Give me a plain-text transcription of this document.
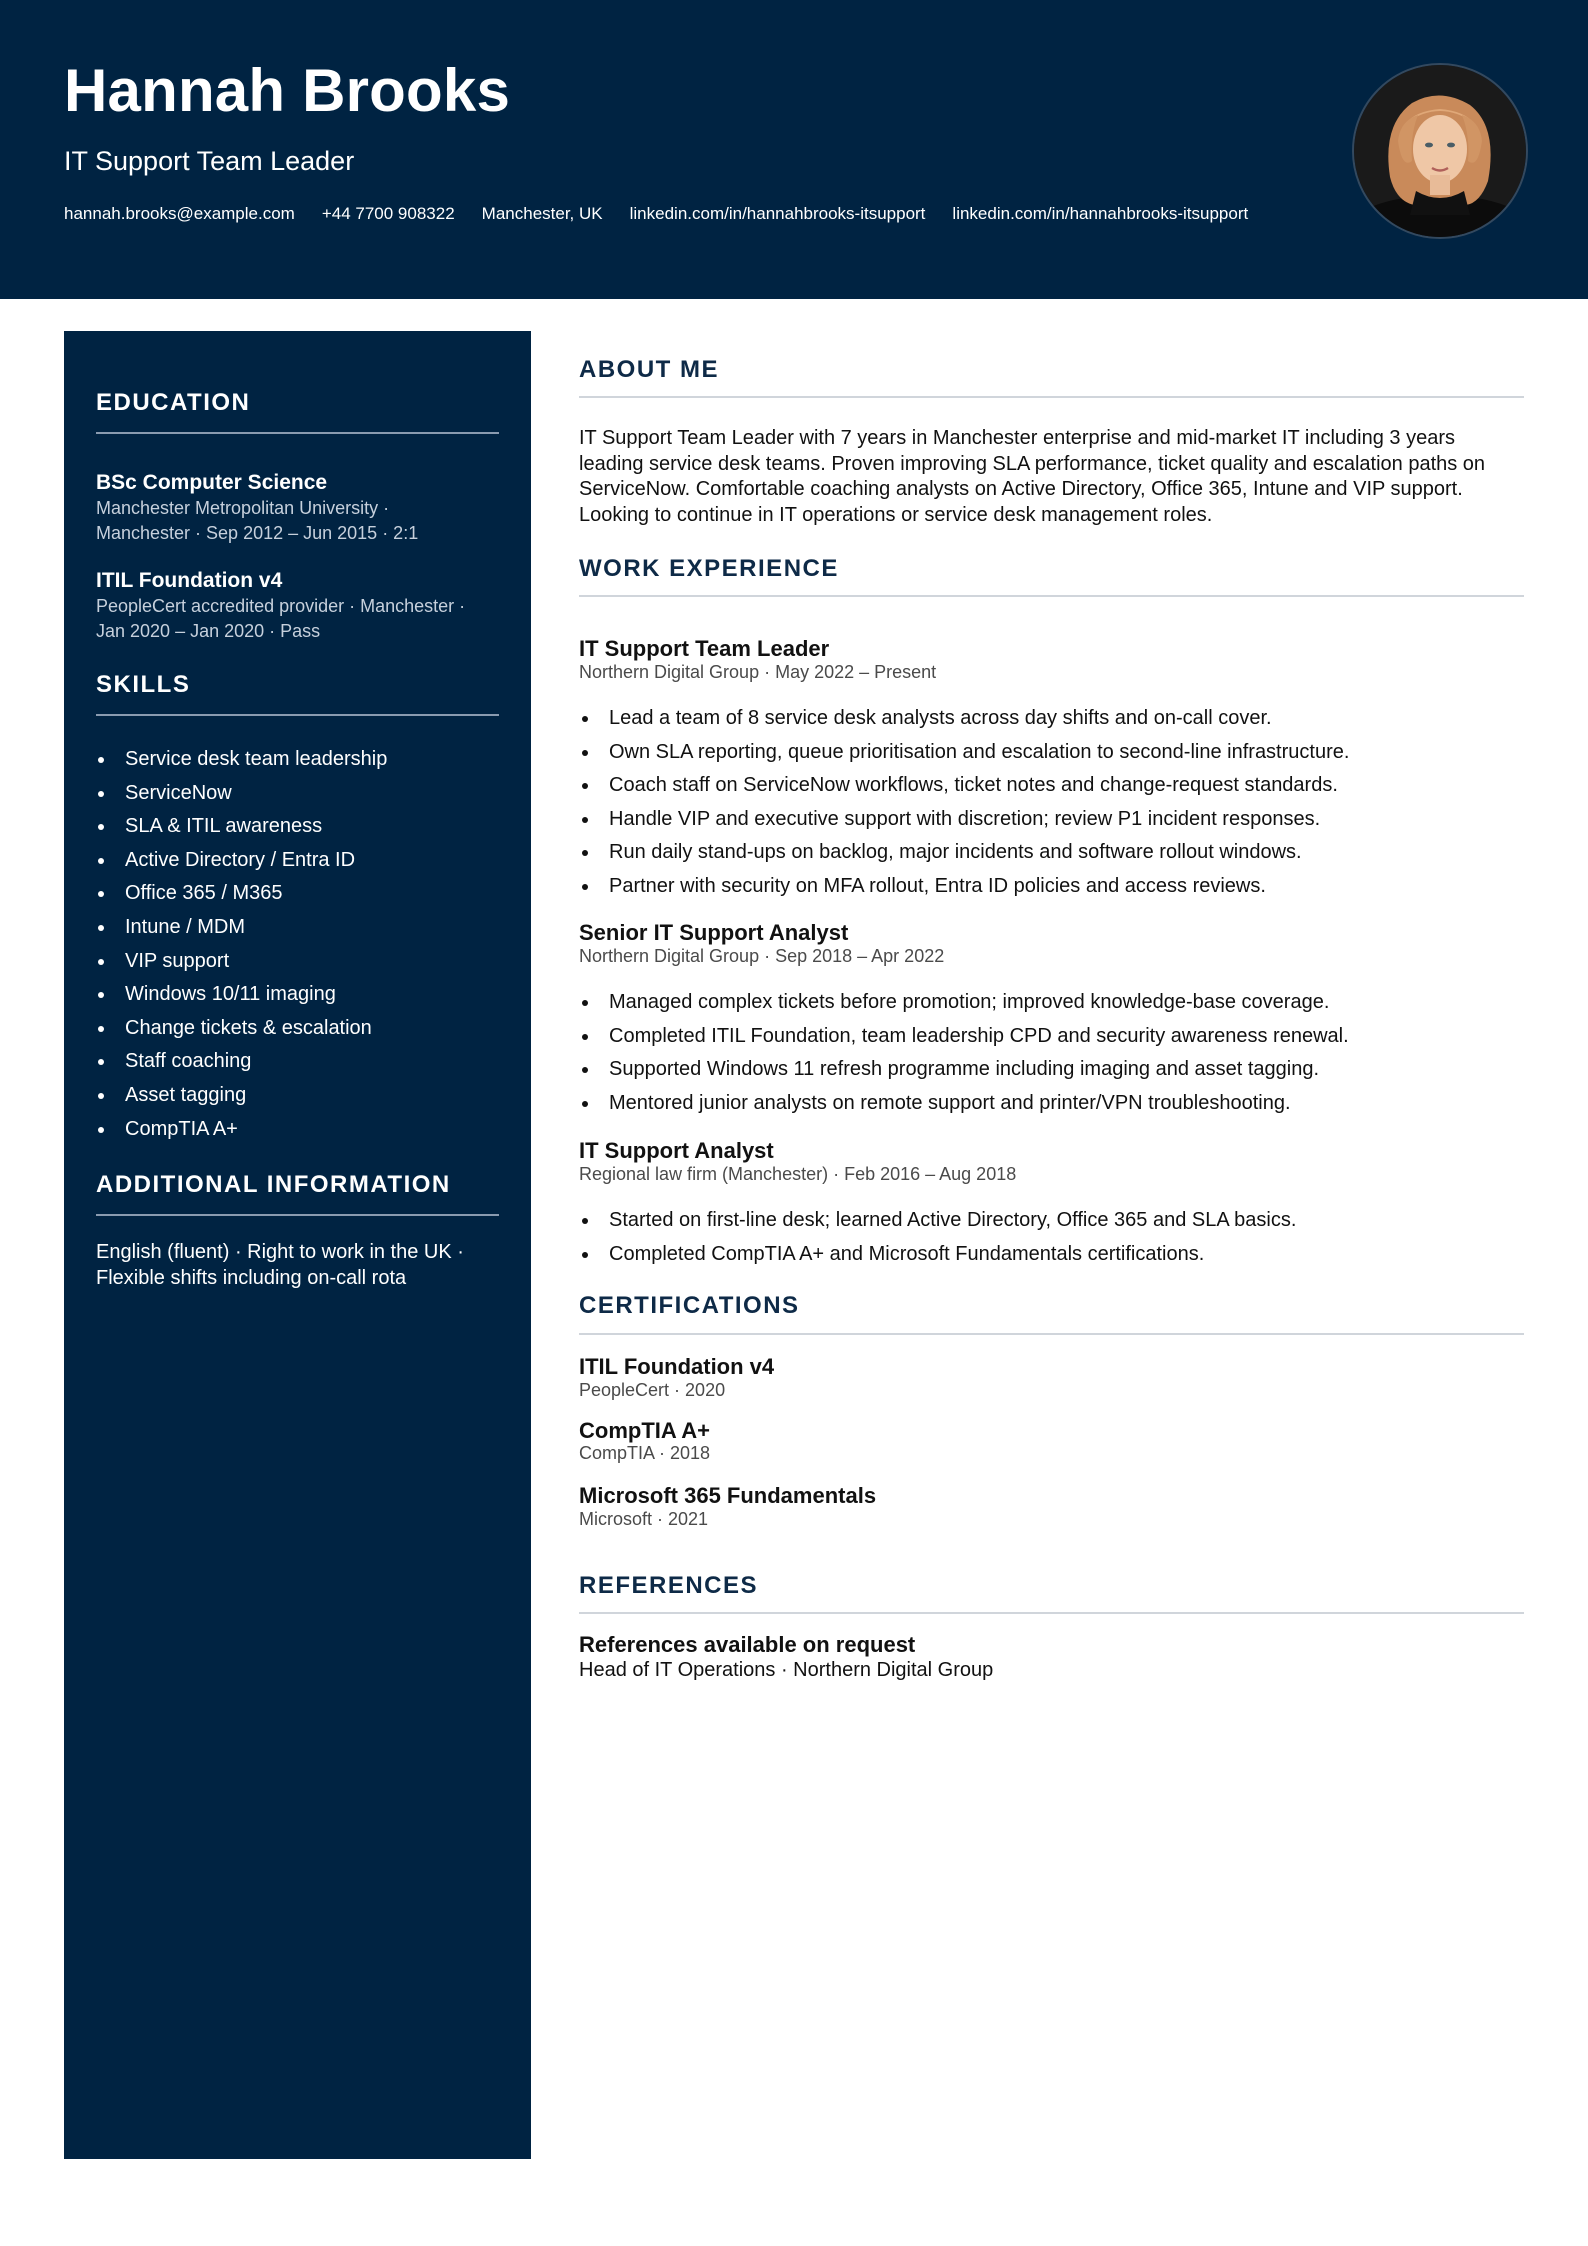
Hannah Brooks
IT Support Team Leader
hannah.brooks@example.com +44 7700 908322 Manchester, UK linkedin.com/in/hannahbrooks-itsupport linkedin.com/in/hannahbrooks-itsupport
EDUCATION
BSc Computer Science
Manchester Metropolitan University ·
Manchester · Sep 2012 – Jun 2015 · 2:1
ITIL Foundation v4
PeopleCert accredited provider · Manchester ·
Jan 2020 – Jan 2020 · Pass
SKILLS
Service desk team leadership
ServiceNow
SLA & ITIL awareness
Active Directory / Entra ID
Office 365 / M365
Intune / MDM
VIP support
Windows 10/11 imaging
Change tickets & escalation
Staff coaching
Asset tagging
CompTIA A+
ADDITIONAL INFORMATION
English (fluent) · Right to work in the UK ·
Flexible shifts including on-call rota
ABOUT ME
IT Support Team Leader with 7 years in Manchester enterprise and mid-market IT including 3 years leading service desk teams. Proven improving SLA performance, ticket quality and escalation paths on ServiceNow. Comfortable coaching analysts on Active Directory, Office 365, Intune and VIP support. Looking to continue in IT operations or service desk management roles.
WORK EXPERIENCE
IT Support Team Leader
Northern Digital Group · May 2022 – Present
Lead a team of 8 service desk analysts across day shifts and on-call cover.
Own SLA reporting, queue prioritisation and escalation to second-line infrastructure.
Coach staff on ServiceNow workflows, ticket notes and change-request standards.
Handle VIP and executive support with discretion; review P1 incident responses.
Run daily stand-ups on backlog, major incidents and software rollout windows.
Partner with security on MFA rollout, Entra ID policies and access reviews.
Senior IT Support Analyst
Northern Digital Group · Sep 2018 – Apr 2022
Managed complex tickets before promotion; improved knowledge-base coverage.
Completed ITIL Foundation, team leadership CPD and security awareness renewal.
Supported Windows 11 refresh programme including imaging and asset tagging.
Mentored junior analysts on remote support and printer/VPN troubleshooting.
IT Support Analyst
Regional law firm (Manchester) · Feb 2016 – Aug 2018
Started on first-line desk; learned Active Directory, Office 365 and SLA basics.
Completed CompTIA A+ and Microsoft Fundamentals certifications.
CERTIFICATIONS
ITIL Foundation v4
PeopleCert · 2020
CompTIA A+
CompTIA · 2018
Microsoft 365 Fundamentals
Microsoft · 2021
REFERENCES
References available on request
Head of IT Operations · Northern Digital Group
